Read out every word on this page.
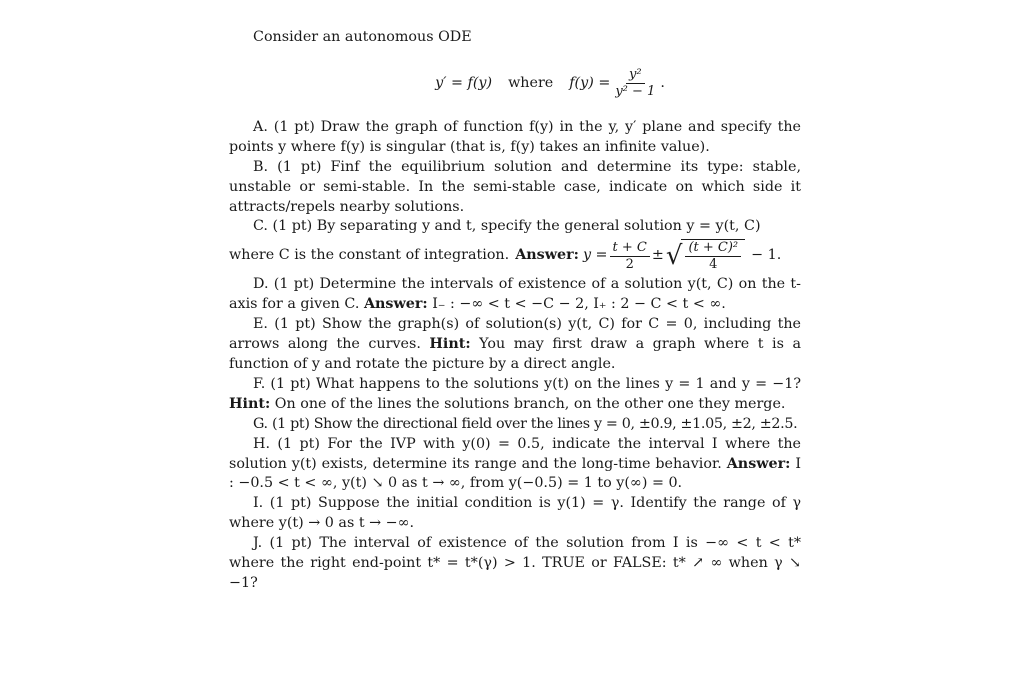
Consider an autonomous ODE

y′ = f(y) where $f(y) = \frac{\text{y²}}{\text{y² − 1}}$ .

A. (1 pt) Draw the graph of function f(y) in the y, y′ plane and specify the points y where f(y) is singular (that is, f(y) takes an infinite value).

B. (1 pt) Finf the equilibrium solution and determine its type: stable, unstable or semi-stable. In the semi-stable case, indicate on which side it attracts/repels nearby solutions.

C. (1 pt) By separating y and t, specify the general solution y = y(t, C)

where C is the constant of integration. Answer: $y = \frac{t + C}{2}$ ± √ $\frac{\text{(t + C)²}}{4} - 1$.

D. (1 pt) Determine the intervals of existence of a solution y(t, C) on the t-axis for a given C. Answer: I₋ : −∞ < t < −C − 2, I₊ : 2 − C < t < ∞.

E. (1 pt) Show the graph(s) of solution(s) y(t, C) for C = 0, including the arrows along the curves. Hint: You may first draw a graph where t is a function of y and rotate the picture by a direct angle.

F. (1 pt) What happens to the solutions y(t) on the lines y = 1 and y = −1? Hint: On one of the lines the solutions branch, on the other one they merge.

G. (1 pt) Show the directional field over the lines y = 0, ±0.9, ±1.05, ±2, ±2.5.

H. (1 pt) For the IVP with y(0) = 0.5, indicate the interval I where the solution y(t) exists, determine its range and the long-time behavior. Answer: I : −0.5 < t < ∞, y(t) ↘ 0 as t → ∞, from y(−0.5) = 1 to y(∞) = 0.

I. (1 pt) Suppose the initial condition is y(1) = γ. Identify the range of γ where y(t) → 0 as t → −∞.

J. (1 pt) The interval of existence of the solution from I is −∞ < t < t* where the right end-point t* = t*(γ) > 1. TRUE or FALSE: t* ↗ ∞ when γ ↘ −1?
